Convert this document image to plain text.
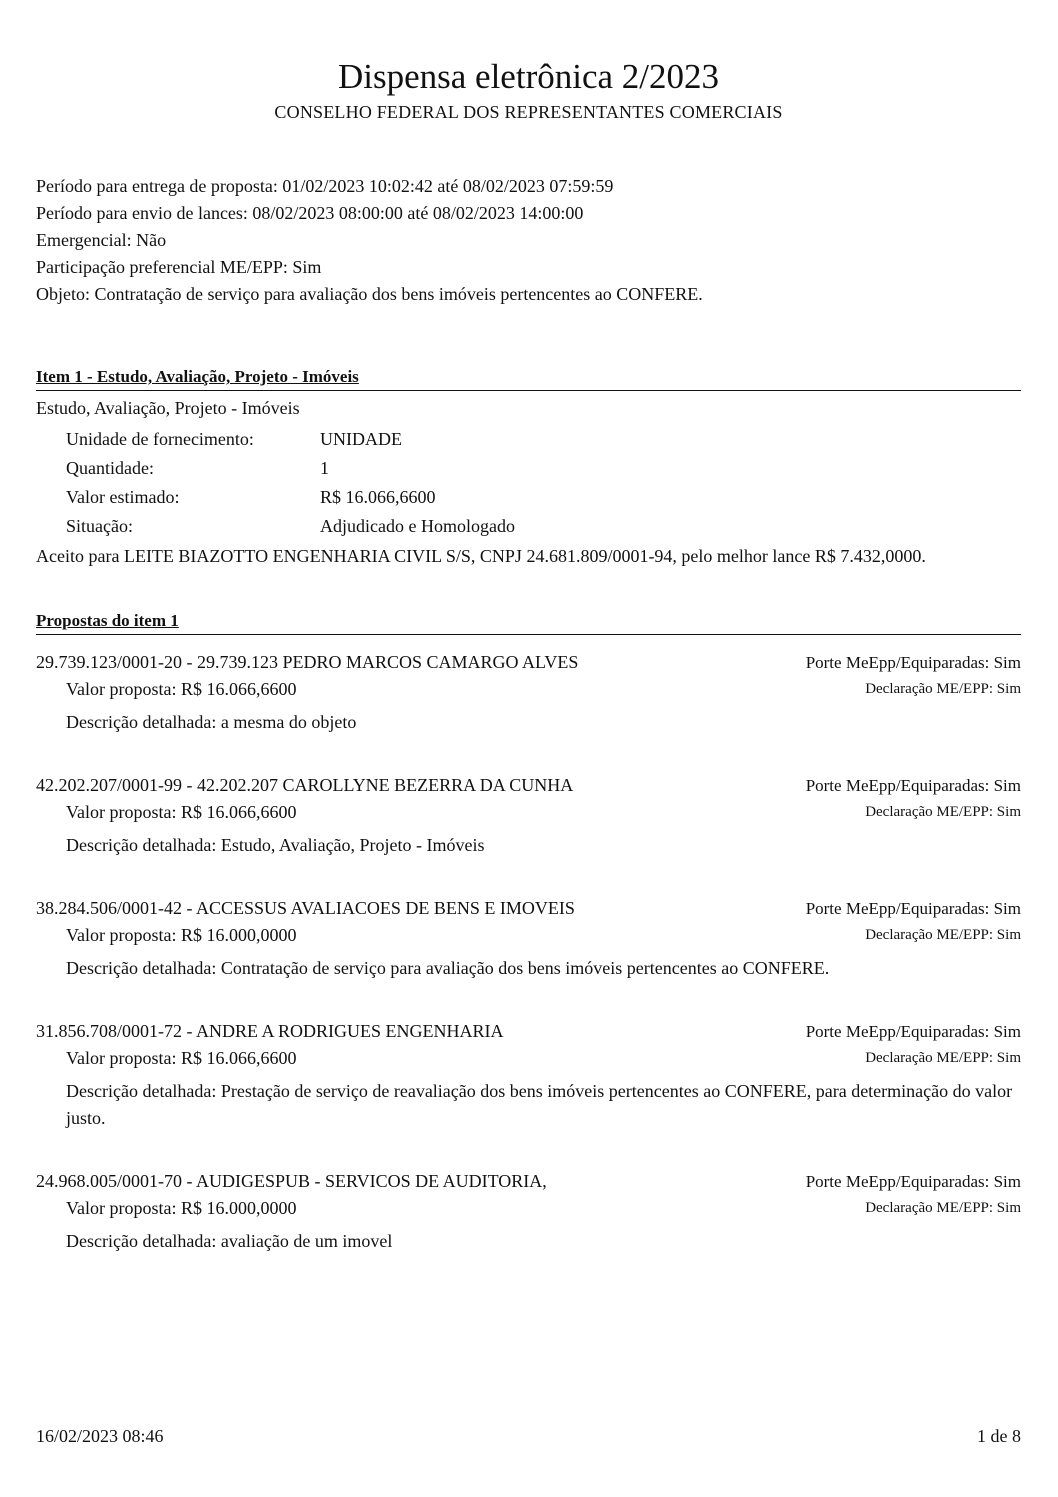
Dispensa eletrônica 2/2023
CONSELHO FEDERAL DOS REPRESENTANTES COMERCIAIS
Período para entrega de proposta: 01/02/2023 10:02:42 até 08/02/2023 07:59:59
Período para envio de lances: 08/02/2023 08:00:00 até 08/02/2023 14:00:00
Emergencial: Não
Participação preferencial ME/EPP: Sim
Objeto: Contratação de serviço para avaliação dos bens imóveis pertencentes ao CONFERE.
Item 1 - Estudo, Avaliação, Projeto - Imóveis
Estudo, Avaliação, Projeto - Imóveis
Unidade de fornecimento:	UNIDADE
Quantidade:	1
Valor estimado:	R$ 16.066,6600
Situação:	Adjudicado e Homologado
Aceito para LEITE BIAZOTTO ENGENHARIA CIVIL S/S, CNPJ 24.681.809/0001-94, pelo melhor lance R$ 7.432,0000.
Propostas do item 1
29.739.123/0001-20 - 29.739.123 PEDRO MARCOS CAMARGO ALVES
Valor proposta: R$ 16.066,6600
Descrição detalhada: a mesma do objeto
Porte MeEpp/Equiparadas: Sim
Declaração ME/EPP: Sim
42.202.207/0001-99 - 42.202.207 CAROLLYNE BEZERRA DA CUNHA
Valor proposta: R$ 16.066,6600
Descrição detalhada: Estudo, Avaliação, Projeto - Imóveis
Porte MeEpp/Equiparadas: Sim
Declaração ME/EPP: Sim
38.284.506/0001-42 - ACCESSUS AVALIACOES DE BENS E IMOVEIS
Valor proposta: R$ 16.000,0000
Descrição detalhada: Contratação de serviço para avaliação dos bens imóveis pertencentes ao CONFERE.
Porte MeEpp/Equiparadas: Sim
Declaração ME/EPP: Sim
31.856.708/0001-72 - ANDRE A RODRIGUES ENGENHARIA
Valor proposta: R$ 16.066,6600
Descrição detalhada: Prestação de serviço de reavaliação dos bens imóveis pertencentes ao CONFERE, para determinação do valor justo.
Porte MeEpp/Equiparadas: Sim
Declaração ME/EPP: Sim
24.968.005/0001-70 - AUDIGESPUB - SERVICOS DE AUDITORIA,
Valor proposta: R$ 16.000,0000
Descrição detalhada: avaliação de um imovel
Porte MeEpp/Equiparadas: Sim
Declaração ME/EPP: Sim
16/02/2023 08:46	1 de 8
